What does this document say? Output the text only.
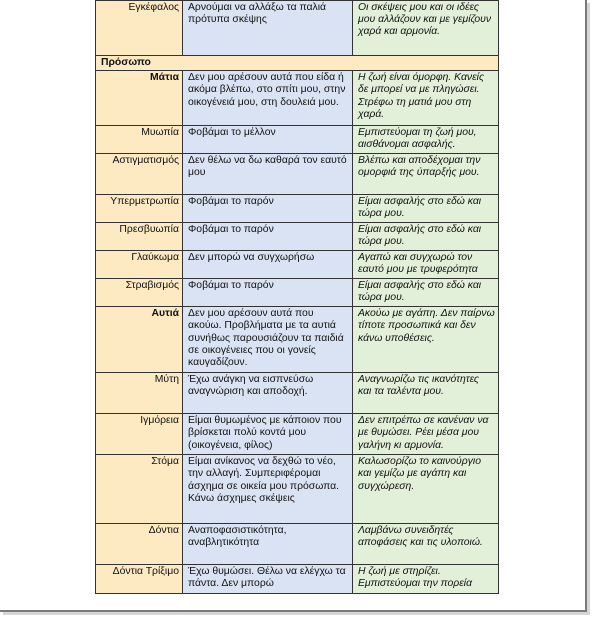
Εγκέφαλος	Αρνούμαι να αλλάξω τα παλιά πρότυπα σκέψης	Οι σκέψεις μου και οι ιδέες μου αλλάζουν και με γεμίζουν χαρά και αρμονία.
Πρόσωπο		
Μάτια	Δεν μου αρέσουν αυτά που είδα ή ακόμα βλέπω, στο σπίτι μου, στην οικογένειά μου, στη δουλειά μου.	Η ζωή είναι όμορφη. Κανείς δε μπορεί να με πληγώσει. Στρέφω τη ματιά μου στη χαρά.
Μυωπία	Φοβάμαι το μέλλον	Εμπιστεύομαι τη ζωή μου, αισθάνομαι ασφαλής.
Αστιγματισμός	Δεν θέλω να δω καθαρά τον εαυτό μου	Βλέπω και αποδέχομαι την ομορφιά της ύπαρξής μου.
Υπερμετρωπία	Φοβάμαι το παρόν	Είμαι ασφαλής στο εδώ και τώρα μου.
Πρεσβυωπία	Φοβάμαι το παρόν	Είμαι ασφαλής στο εδώ και τώρα μου.
Γλαύκωμα	Δεν μπορώ να συγχωρήσω	Αγαπώ και συγχωρώ τον εαυτό μου με τρυφερότητα
Στραβισμός	Φοβάμαι το παρόν	Είμαι ασφαλής στο εδώ και τώρα μου.
Αυτιά	Δεν μου αρέσουν αυτά που ακούω. Προβλήματα με τα αυτιά συνήθως παρουσιάζουν τα παιδιά σε οικογένειες που οι γονείς καυγαδίζουν.	Ακούω με αγάπη. Δεν παίρνω τίποτε προσωπικά και δεν κάνω υποθέσεις.
Μύτη	Έχω ανάγκη να εισπνεύσω αναγνώριση και αποδοχή.	Αναγνωρίζω τις ικανότητες και τα ταλέντα μου.
Ιγμόρεια	Είμαι θυμωμένος με κάποιον που βρίσκεται πολύ κοντά μου (οικογένεια, φίλος)	Δεν επιτρέπω σε κανέναν να με θυμώσει. Ρέει μέσα μου γαλήνη κι αρμονία.
Στόμα	Είμαι ανίκανος να δεχθώ το νέο, την αλλαγή. Συμπεριφέρομαι άσχημα σε οικεία μου πρόσωπα. Κάνω άσχημες σκέψεις	Καλωσορίζω το καινούργιο και γεμίζω με αγάπη και συγχώρεση.
Δόντια	Αναποφασιστικότητα, αναβλητικότητα	Λαμβάνω συνειδητές αποφάσεις και τις υλοποιώ.

Δόντια Τρίξιμο	Έχω θυμώσει. Θέλω να ελέγχω τα πάντα. Δεν μπορώ	Η ζωή με στηρίζει. Εμπιστεύομαι την πορεία
